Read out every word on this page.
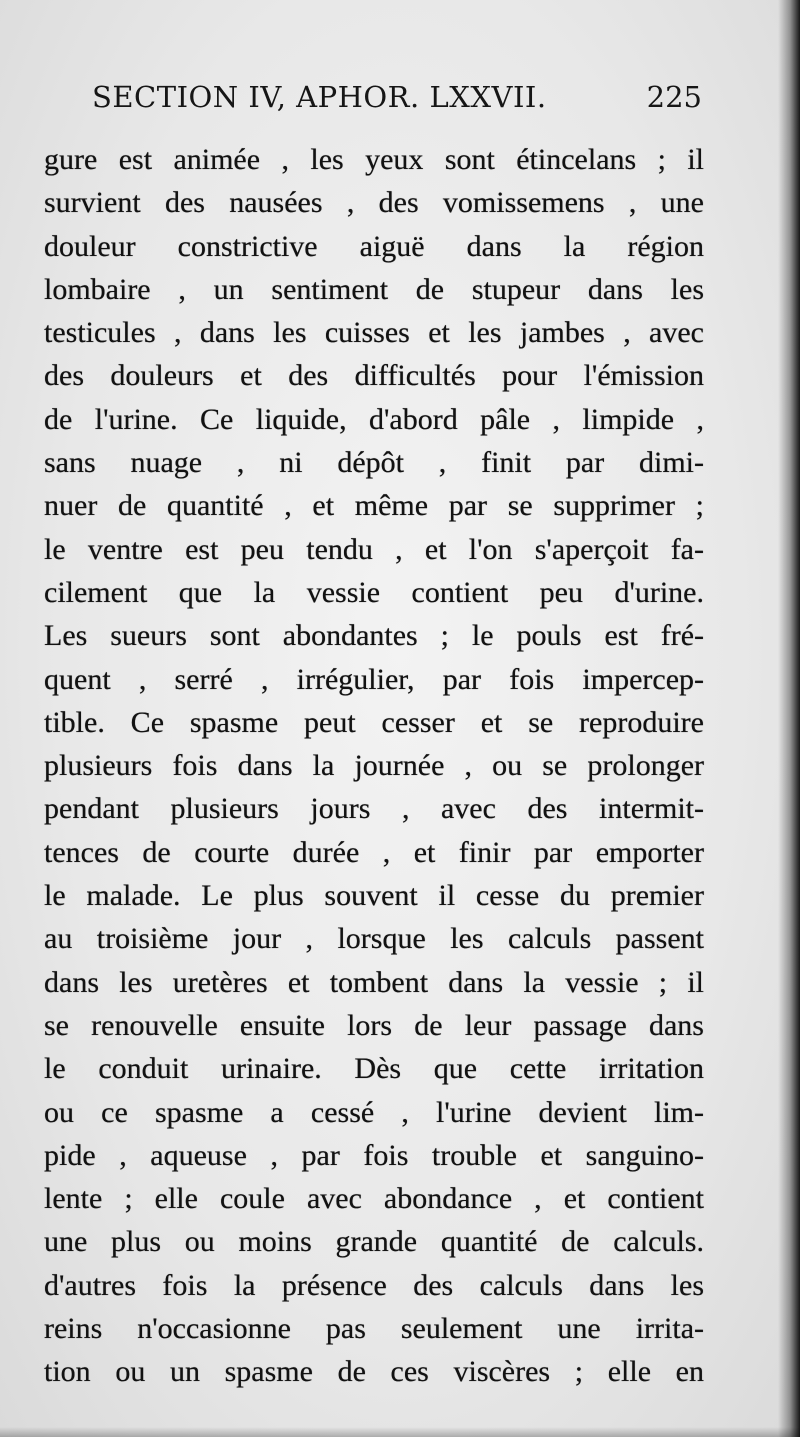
SECTION IV, APHOR. LXXVII.	225
gure est animée , les yeux sont étincelans ; il
survient des nausées , des vomissemens , une
douleur constrictive aiguë dans la région
lombaire , un sentiment de stupeur dans les
testicules , dans les cuisses et les jambes , avec
des douleurs et des difficultés pour l'émission
de l'urine. Ce liquide, d'abord pâle , limpide ,
sans nuage , ni dépôt , finit par dimi-
nuer de quantité , et même par se supprimer ;
le ventre est peu tendu , et l'on s'aperçoit fa-
cilement que la vessie contient peu d'urine.
Les sueurs sont abondantes ; le pouls est fré-
quent , serré , irrégulier, par fois impercep-
tible. Ce spasme peut cesser et se reproduire
plusieurs fois dans la journée , ou se prolonger
pendant plusieurs jours , avec des intermit-
tences de courte durée , et finir par emporter
le malade. Le plus souvent il cesse du premier
au troisième jour , lorsque les calculs passent
dans les uretères et tombent dans la vessie ; il
se renouvelle ensuite lors de leur passage dans
le conduit urinaire. Dès que cette irritation
ou ce spasme a cessé , l'urine devient lim-
pide , aqueuse , par fois trouble et sanguino-
lente ; elle coule avec abondance , et contient
une plus ou moins grande quantité de calculs.
d'autres fois la présence des calculs dans les
reins n'occasionne pas seulement une irrita-
tion ou un spasme de ces viscères ; elle en
